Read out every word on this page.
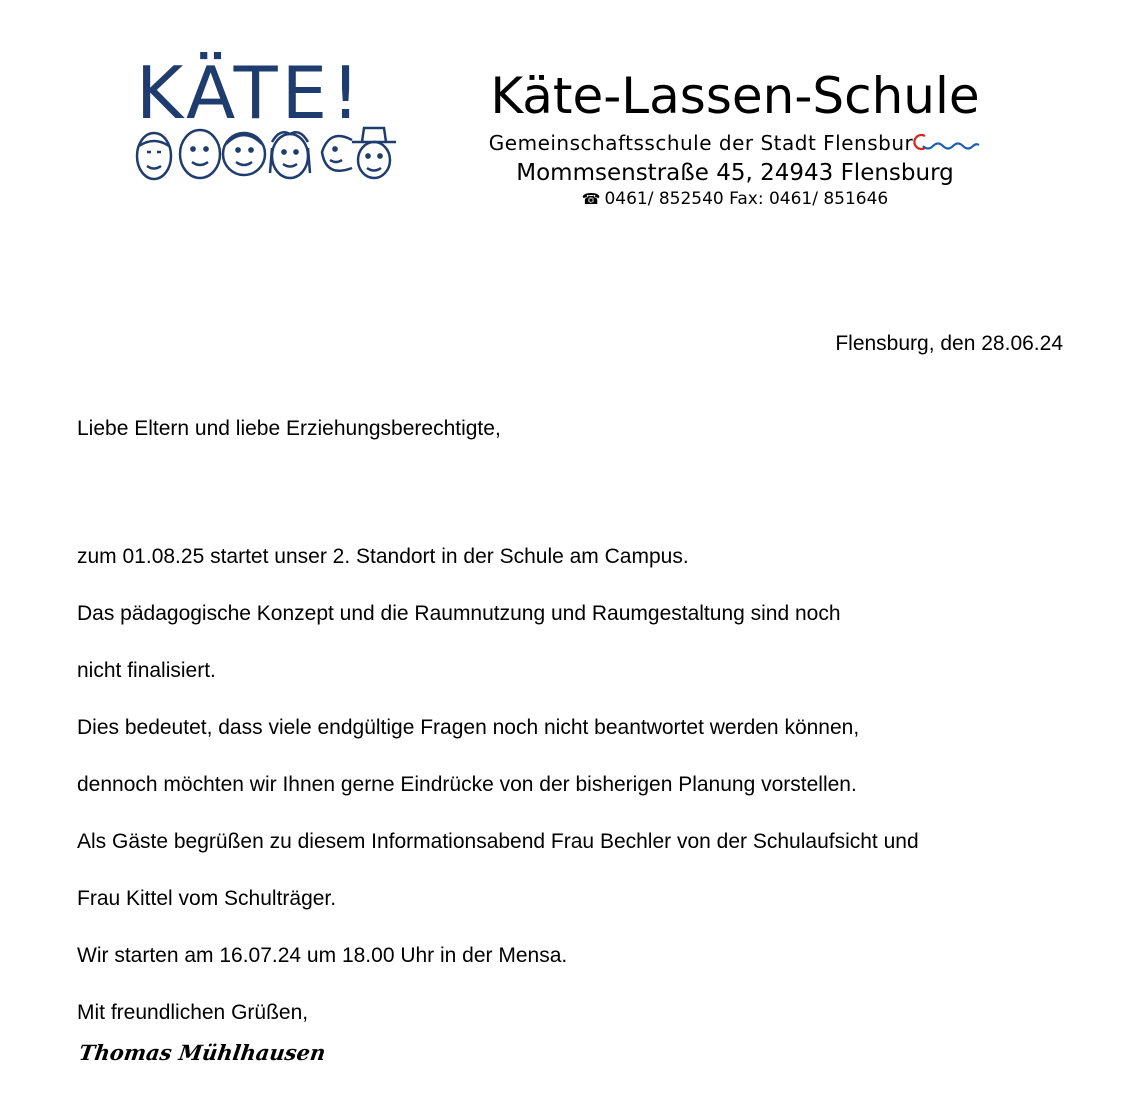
KÄTE!	Käte-Lassen-Schule
Gemeinschaftsschule der Stadt Flensbur
Mommsenstraße 45, 24943 Flensburg
☎ 0461/ 852540 Fax: 0461/ 851646
Flensburg, den 28.06.24
Liebe Eltern und liebe Erziehungsberechtigte,

zum 01.08.25 startet unser 2. Standort in der Schule am Campus.

Das pädagogische Konzept und die Raumnutzung und Raumgestaltung sind noch

nicht finalisiert.

Dies bedeutet, dass viele endgültige Fragen noch nicht beantwortet werden können,

dennoch möchten wir Ihnen gerne Eindrücke von der bisherigen Planung vorstellen.

Als Gäste begrüßen zu diesem Informationsabend Frau Bechler von der Schulaufsicht und

Frau Kittel vom Schulträger.

Wir starten am 16.07.24 um 18.00 Uhr in der Mensa.

Mit freundlichen Grüßen,

Thomas Mühlhausen
